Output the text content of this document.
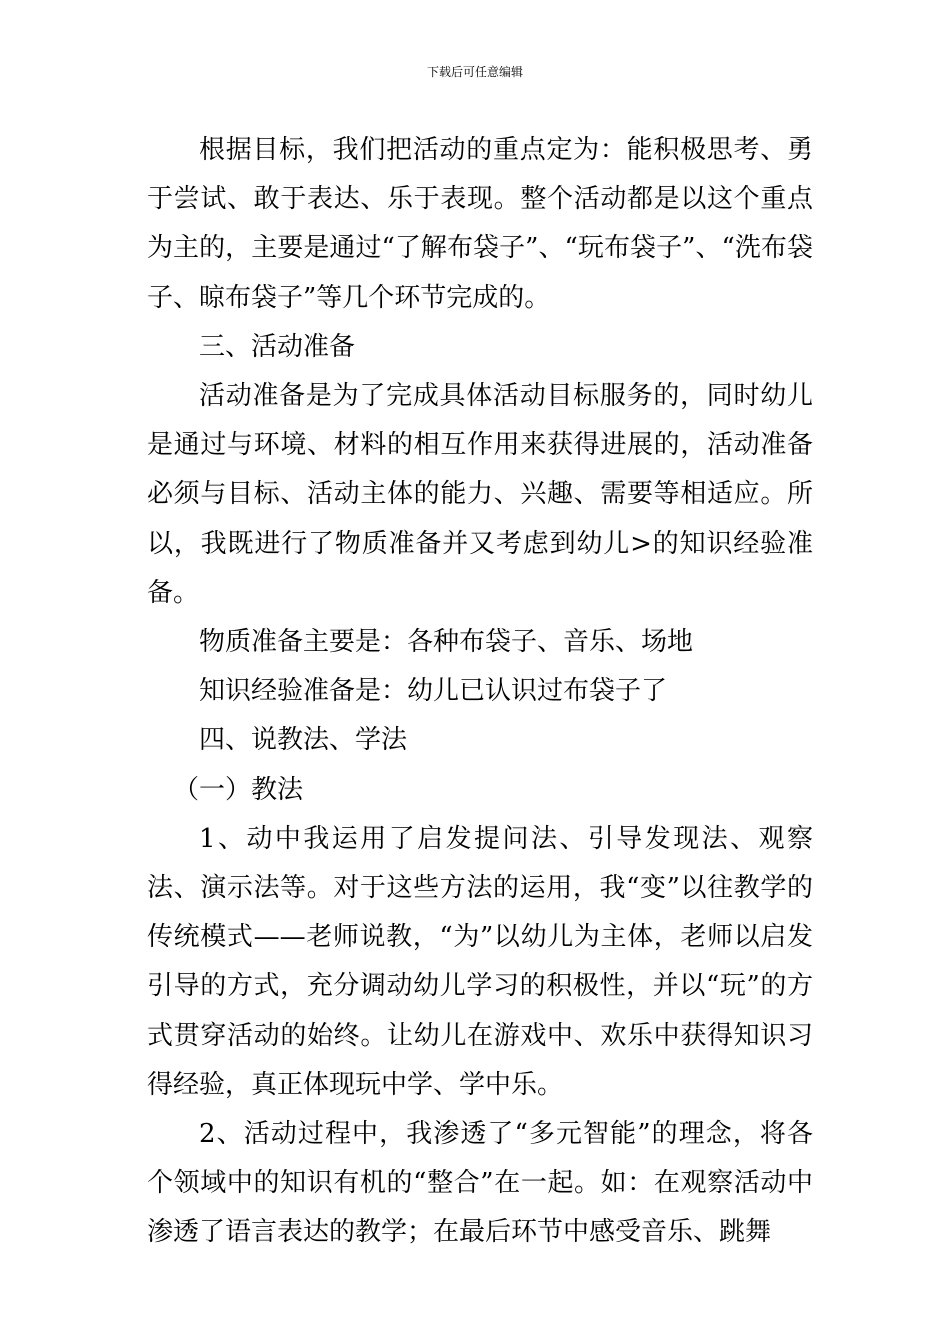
下载后可任意编辑

根据目标，我们把活动的重点定为：能积极思考、勇于尝试、敢于表达、乐于表现。整个活动都是以这个重点为主的，主要是通过“了解布袋子”、“玩布袋子”、“洗布袋子、晾布袋子”等几个环节完成的。

三、活动准备

活动准备是为了完成具体活动目标服务的，同时幼儿是通过与环境、材料的相互作用来获得进展的，活动准备必须与目标、活动主体的能力、兴趣、需要等相适应。所以，我既进行了物质准备并又考虑到幼儿>的知识经验准备。

物质准备主要是：各种布袋子、音乐、场地

知识经验准备是：幼儿已认识过布袋子了

四、说教法、学法

（一）教法

1、动中我运用了启发提问法、引导发现法、观察法、演示法等。对于这些方法的运用，我“变”以往教学的传统模式——老师说教，“为”以幼儿为主体，老师以启发引导的方式，充分调动幼儿学习的积极性，并以“玩”的方式贯穿活动的始终。让幼儿在游戏中、欢乐中获得知识习得经验，真正体现玩中学、学中乐。

2、活动过程中，我渗透了“多元智能”的理念，将各个领域中的知识有机的“整合”在一起。如：在观察活动中渗透了语言表达的教学；在最后环节中感受音乐、跳舞
